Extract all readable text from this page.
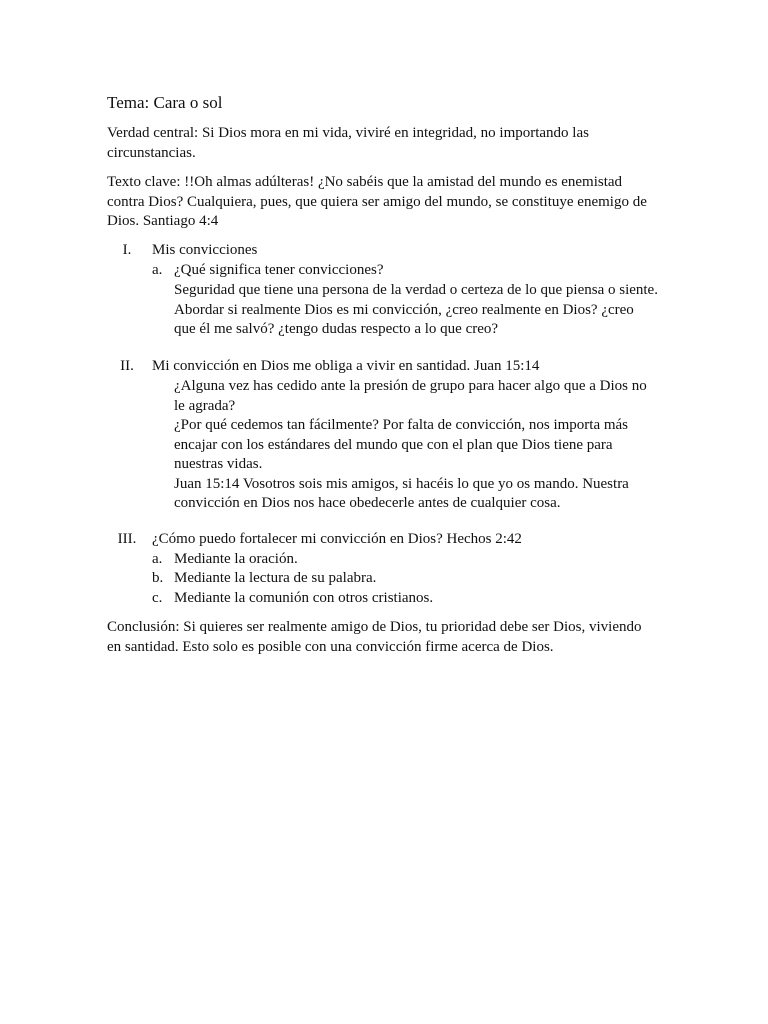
Tema: Cara o sol
Verdad central: Si Dios mora en mi vida, viviré en integridad, no importando las
circunstancias.
Texto clave: !!Oh almas adúlteras! ¿No sabéis que la amistad del mundo es enemistad
contra Dios? Cualquiera, pues, que quiera ser amigo del mundo, se constituye enemigo de
Dios. Santiago 4:4
I.	Mis convicciones
a. ¿Qué significa tener convicciones?
Seguridad que tiene una persona de la verdad o certeza de lo que piensa o siente.
Abordar si realmente Dios es mi convicción, ¿creo realmente en Dios? ¿creo
que él me salvó? ¿tengo dudas respecto a lo que creo?
II.	Mi convicción en Dios me obliga a vivir en santidad. Juan 15:14
¿Alguna vez has cedido ante la presión de grupo para hacer algo que a Dios no
le agrada?
¿Por qué cedemos tan fácilmente? Por falta de convicción, nos importa más
encajar con los estándares del mundo que con el plan que Dios tiene para
nuestras vidas.
Juan 15:14 Vosotros sois mis amigos, si hacéis lo que yo os mando. Nuestra
convicción en Dios nos hace obedecerle antes de cualquier cosa.
III.	¿Cómo puedo fortalecer mi convicción en Dios? Hechos 2:42
a. Mediante la oración.
b. Mediante la lectura de su palabra.
c. Mediante la comunión con otros cristianos.
Conclusión: Si quieres ser realmente amigo de Dios, tu prioridad debe ser Dios, viviendo
en santidad. Esto solo es posible con una convicción firme acerca de Dios.
